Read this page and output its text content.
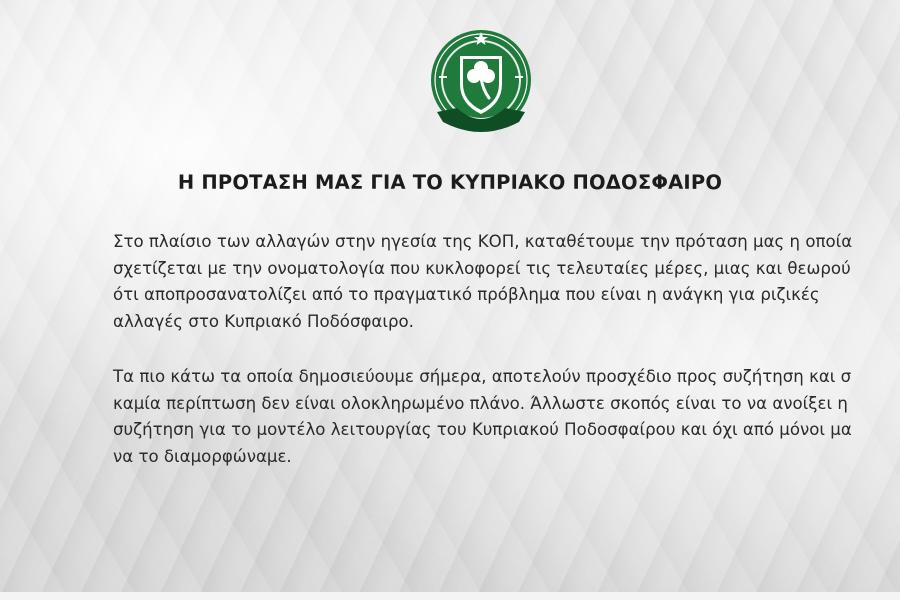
Η ΠΡΟΤΑΣΗ ΜΑΣ ΓΙΑ ΤΟ ΚΥΠΡΙΑΚΟ ΠΟΔΟΣΦΑΙΡΟ

Στο πλαίσιο των αλλαγών στην ηγεσία της ΚΟΠ, καταθέτουμε την πρόταση μας η οποία
σχετίζεται με την ονοματολογία που κυκλοφορεί τις τελευταίες μέρες, μιας και θεωρού
ότι αποπροσανατολίζει από το πραγματικό πρόβλημα που είναι η ανάγκη για ριζικές
αλλαγές στο Κυπριακό Ποδόσφαιρο.

Τα πιο κάτω τα οποία δημοσιεύουμε σήμερα, αποτελούν προσχέδιο προς συζήτηση και σ
καμία περίπτωση δεν είναι ολοκληρωμένο πλάνο. Άλλωστε σκοπός είναι το να ανοίξει η
συζήτηση για το μοντέλο λειτουργίας του Κυπριακού Ποδοσφαίρου και όχι από μόνοι μα
να το διαμορφώναμε.
